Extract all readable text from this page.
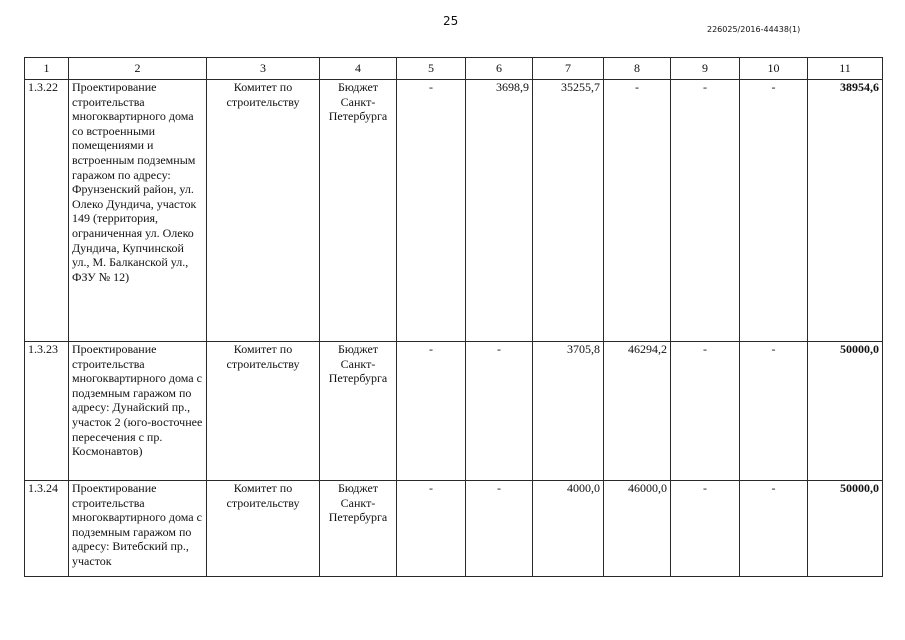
25
226025/2016-44438(1)
1	2	3	4	5	6	7	8	9	10	11
1.3.22	Проектирование строительства многоквартирного дома со встроенными помещениями и встроенным подземным гаражом по адресу: Фрунзенский район, ул. Олеко Дундича, участок 149 (территория, ограниченная ул. Олеко Дундича, Купчинской ул., М. Балканской ул., ФЗУ № 12)	Комитет по строительству	Бюджет Санкт-Петербурга	-	3698,9	35255,7	-	-	-	38954,6
1.3.23	Проектирование строительства многоквартирного дома с подземным гаражом по адресу: Дунайский пр., участок 2 (юго-восточнее пересечения с пр. Космонавтов)	Комитет по строительству	Бюджет Санкт-Петербурга	-	-	3705,8	46294,2	-	-	50000,0
1.3.24	Проектирование строительства многоквартирного дома с подземным гаражом по адресу: Витебский пр., участок	Комитет по строительству	Бюджет Санкт-Петербурга	-	-	4000,0	46000,0	-	-	50000,0
